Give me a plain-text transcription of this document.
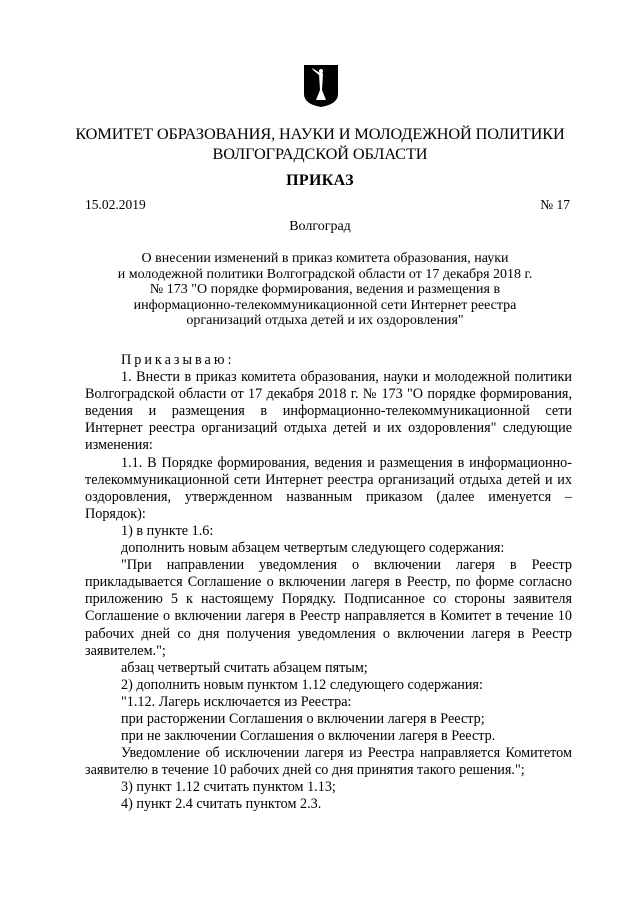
КОМИТЕТ ОБРАЗОВАНИЯ, НАУКИ И МОЛОДЕЖНОЙ ПОЛИТИКИ
ВОЛГОГРАДСКОЙ ОБЛАСТИ
ПРИКАЗ
15.02.2019	№ 17
Волгоград
О внесении изменений в приказ комитета образования, науки
и молодежной политики Волгоградской области от 17 декабря 2018 г.
№ 173 "О порядке формирования, ведения и размещения в
информационно-телекоммуникационной сети Интернет реестра
организаций отдыха детей и их оздоровления"

Приказываю:

1. Внести в приказ комитета образования, науки и молодежной политики Волгоградской области от 17 декабря 2018 г. № 173 "О порядке формирования, ведения и размещения в информационно-телекоммуникационной сети Интернет реестра организаций отдыха детей и их оздоровления" следующие изменения:

1.1. В Порядке формирования, ведения и размещения в информационно-телекоммуникационной сети Интернет реестра организаций отдыха детей и их оздоровления, утвержденном названным приказом (далее именуется – Порядок):

1) в пункте 1.6:

дополнить новым абзацем четвертым следующего содержания:

"При направлении уведомления о включении лагеря в Реестр прикладывается Соглашение о включении лагеря в Реестр, по форме согласно приложению 5 к настоящему Порядку. Подписанное со стороны заявителя Соглашение о включении лагеря в Реестр направляется в Комитет в течение 10 рабочих дней со дня получения уведомления о включении лагеря в Реестр заявителем.";

абзац четвертый считать абзацем пятым;

2) дополнить новым пунктом 1.12 следующего содержания:

"1.12. Лагерь исключается из Реестра:

при расторжении Соглашения о включении лагеря в Реестр;

при не заключении Соглашения о включении лагеря в Реестр.

Уведомление об исключении лагеря из Реестра направляется Комитетом заявителю в течение 10 рабочих дней со дня принятия такого решения.";

3) пункт 1.12 считать пунктом 1.13;

4) пункт 2.4 считать пунктом 2.3.
